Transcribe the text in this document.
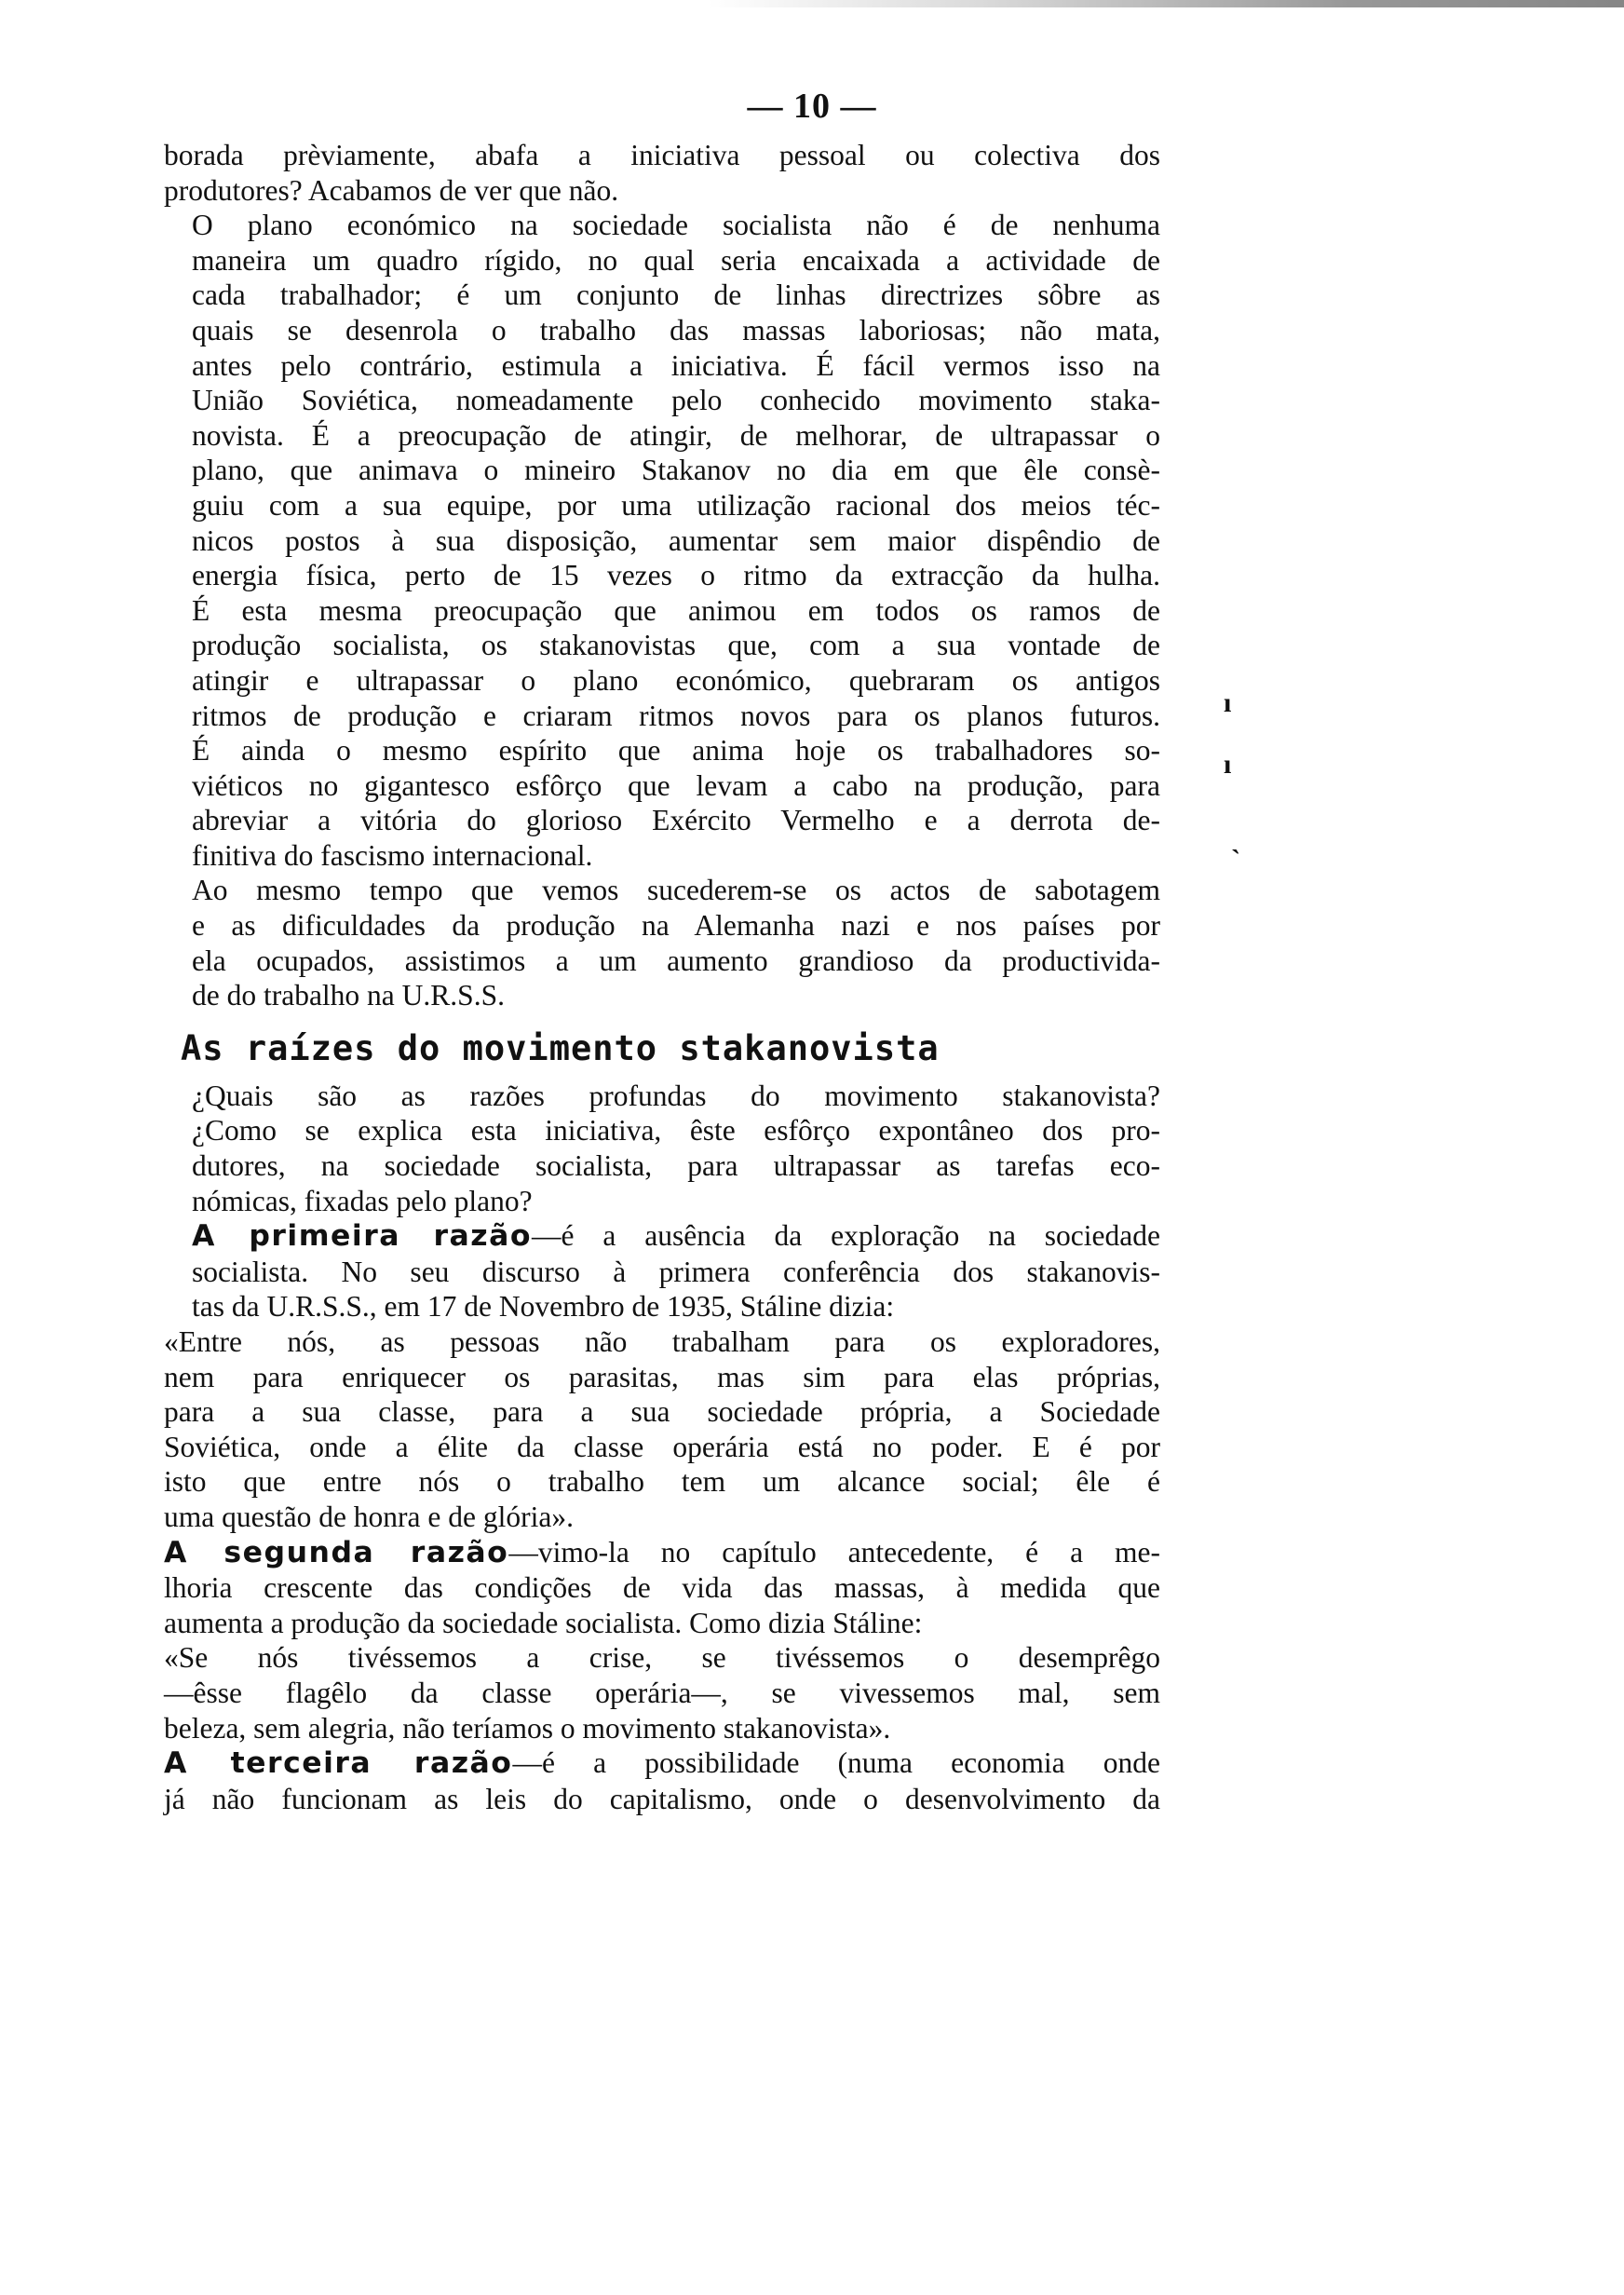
— 10 —

borada prèviamente, abafa a iniciativa pessoal ou colectiva dos
produtores? Acabamos de ver que não.

O plano económico na sociedade socialista não é de nenhuma
maneira um quadro rígido, no qual seria encaixada a actividade de
cada trabalhador; é um conjunto de linhas directrizes sôbre as
quais se desenrola o trabalho das massas laboriosas; não mata,
antes pelo contrário, estimula a iniciativa. É fácil vermos isso na
União Soviética, nomeadamente pelo conhecido movimento staka-
novista. É a preocupação de atingir, de melhorar, de ultrapassar o
plano, que animava o mineiro Stakanov no dia em que êle consè-
guiu com a sua equipe, por uma utilização racional dos meios téc-
nicos postos à sua disposição, aumentar sem maior dispêndio de
energia física, perto de 15 vezes o ritmo da extracção da hulha.
É esta mesma preocupação que animou em todos os ramos de
produção socialista, os stakanovistas que, com a sua vontade de
atingir e ultrapassar o plano económico, quebraram os antigos
ritmos de produção e criaram ritmos novos para os planos futuros.
É ainda o mesmo espírito que anima hoje os trabalhadores so-
viéticos no gigantesco esfôrço que levam a cabo na produção, para
abreviar a vitória do glorioso Exército Vermelho e a derrota de-
finitiva do fascismo internacional.

Ao mesmo tempo que vemos sucederem-se os actos de sabotagem
e as dificuldades da produção na Alemanha nazi e nos países por
ela ocupados, assistimos a um aumento grandioso da productivida-
de do trabalho na U.R.S.S.

As raízes do movimento stakanovista

¿Quais são as razões profundas do movimento stakanovista?
¿Como se explica esta iniciativa, êste esfôrço expontâneo dos pro-
dutores, na sociedade socialista, para ultrapassar as tarefas eco-
nómicas, fixadas pelo plano?

A primeira razão—é a ausência da exploração na sociedade
socialista. No seu discurso à primera conferência dos stakanovis-
tas da U.R.S.S., em 17 de Novembro de 1935, Stáline dizia:

«Entre nós, as pessoas não trabalham para os exploradores,
nem para enriquecer os parasitas, mas sim para elas próprias,
para a sua classe, para a sua sociedade própria, a Sociedade
Soviética, onde a élite da classe operária está no poder. E é por
isto que entre nós o trabalho tem um alcance social; êle é
uma questão de honra e de glória».

A segunda razão—vimo-la no capítulo antecedente, é a me-
lhoria crescente das condições de vida das massas, à medida que
aumenta a produção da sociedade socialista. Como dizia Stáline:

«Se nós tivéssemos a crise, se tivéssemos o desemprêgo
—êsse flagêlo da classe operária—, se vivessemos mal, sem
beleza, sem alegria, não teríamos o movimento stakanovista».

A terceira razão—é a possibilidade (numa economia onde
já não funcionam as leis do capitalismo, onde o desenvolvimento da

ı
ı
ˎ
